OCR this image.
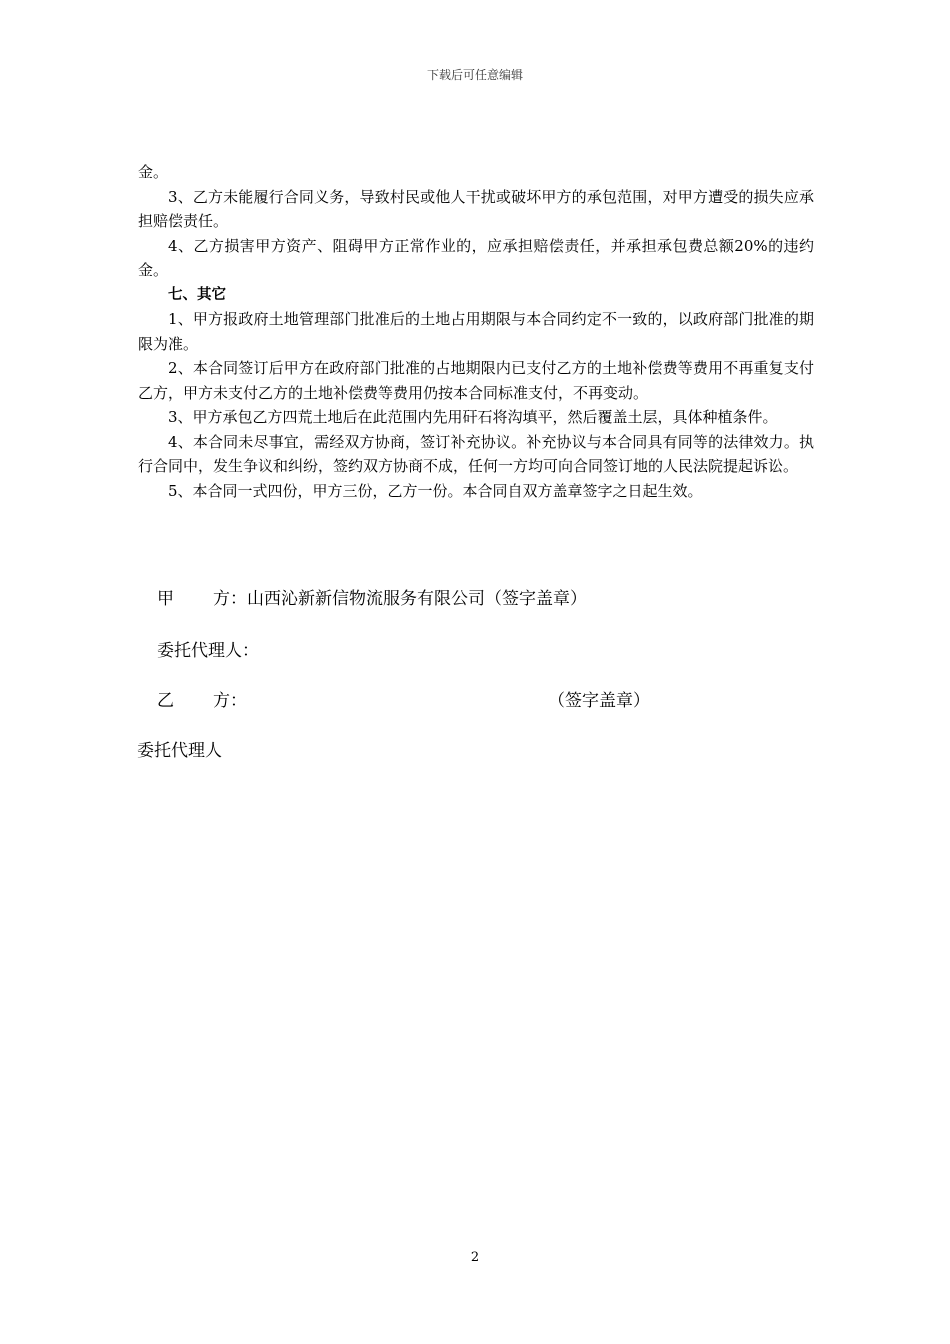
下载后可任意编辑

金。

3、乙方未能履行合同义务，导致村民或他人干扰或破坏甲方的承包范围，对甲方遭受的损失应承担赔偿责任。

4、乙方损害甲方资产、阻碍甲方正常作业的，应承担赔偿责任，并承担承包费总额20%的违约金。

七、其它

1、甲方报政府土地管理部门批准后的土地占用期限与本合同约定不一致的，以政府部门批准的期限为准。

2、本合同签订后甲方在政府部门批准的占地期限内已支付乙方的土地补偿费等费用不再重复支付乙方，甲方未支付乙方的土地补偿费等费用仍按本合同标准支付，不再变动。

3、甲方承包乙方四荒土地后在此范围内先用矸石将沟填平，然后覆盖土层，具体种植条件。

4、本合同未尽事宜，需经双方协商，签订补充协议。补充协议与本合同具有同等的法律效力。执行合同中，发生争议和纠纷，签约双方协商不成，任何一方均可向合同签订地的人民法院提起诉讼。

5、本合同一式四份，甲方三份，乙方一份。本合同自双方盖章签字之日起生效。

甲 方：山西沁新新信物流服务有限公司（签字盖章）
委托代理人：
乙 方：	（签字盖章）
委托代理人
2
